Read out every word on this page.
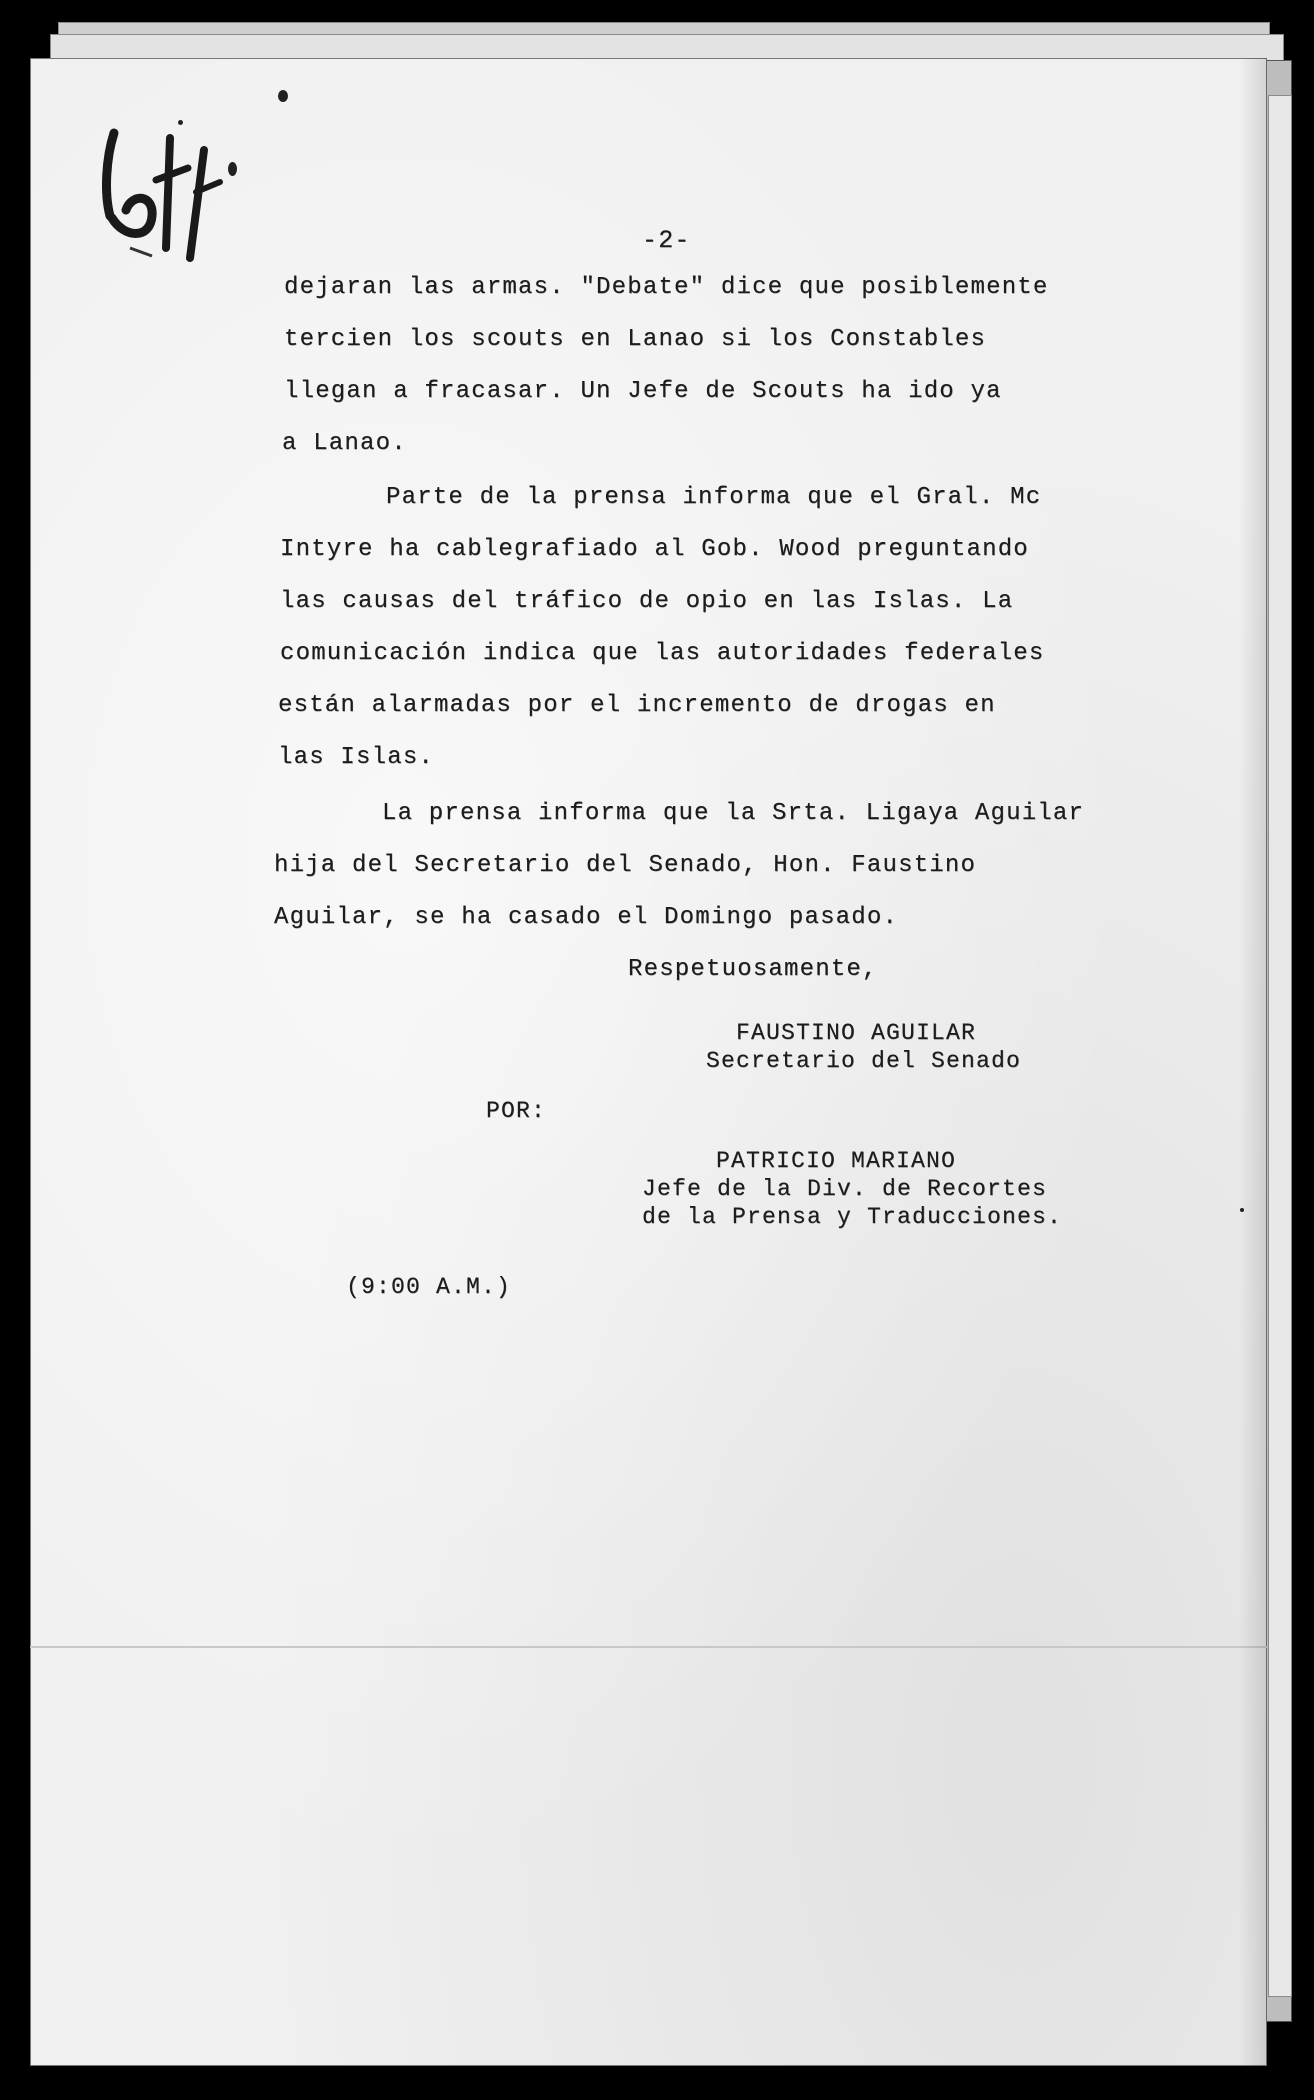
-2-

dejaran las armas. "Debate" dice que posiblemente

tercien los scouts en Lanao si los Constables

llegan a fracasar. Un Jefe de Scouts ha ido ya

a Lanao.

Parte de la prensa informa que el Gral. Mc

Intyre ha cablegrafiado al Gob. Wood preguntando

las causas del tráfico de opio en las Islas. La

comunicación indica que las autoridades federales

están alarmadas por el incremento de drogas en

las Islas.

La prensa informa que la Srta. Ligaya Aguilar

hija del Secretario del Senado, Hon. Faustino

Aguilar, se ha casado el Domingo pasado.

Respetuosamente,
FAUSTINO AGUILAR
Secretario del Senado
POR:
PATRICIO MARIANO
Jefe de la Div. de Recortes
de la Prensa y Traducciones.
(9:00 A.M.)
